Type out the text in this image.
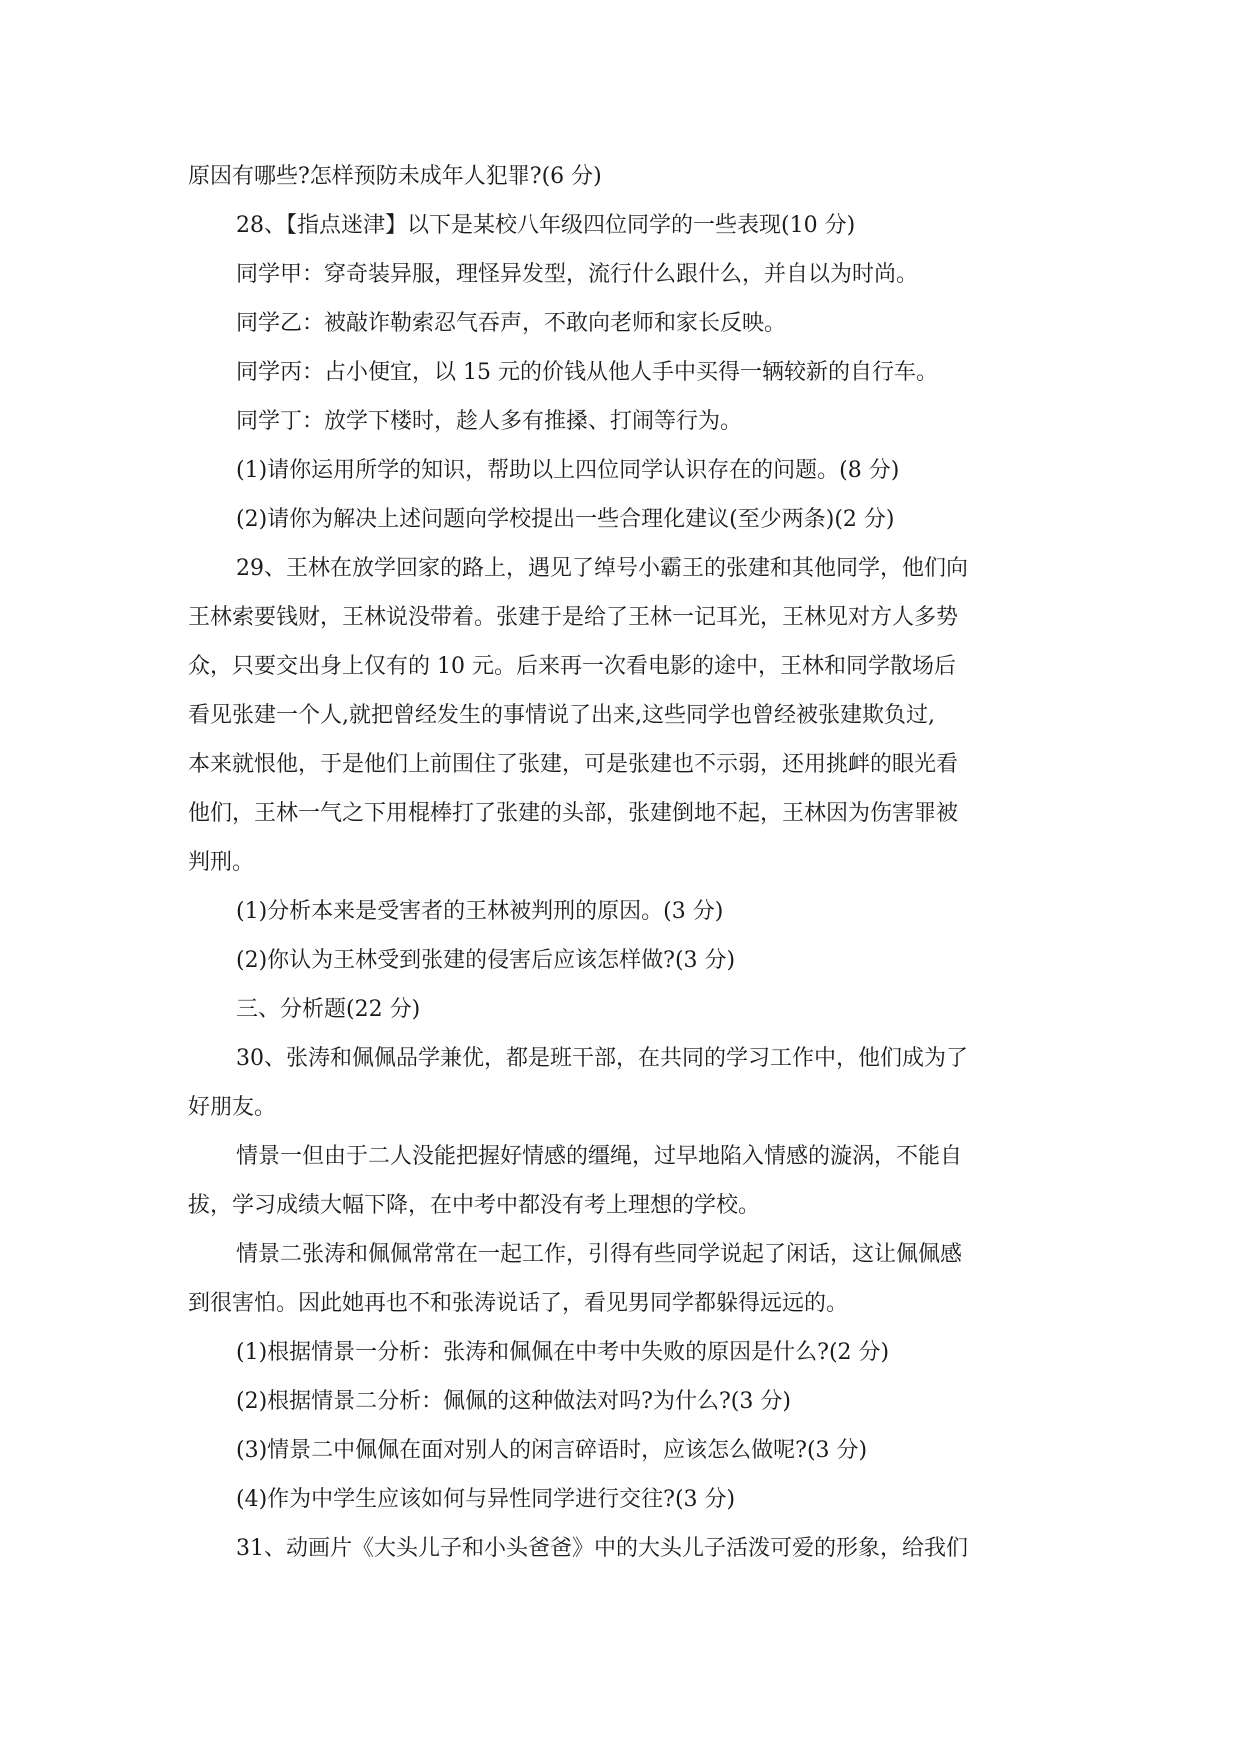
原因有哪些?怎样预防未成年人犯罪?(6 分)
28、【指点迷津】以下是某校八年级四位同学的一些表现(10 分)
同学甲：穿奇装异服，理怪异发型，流行什么跟什么，并自以为时尚。
同学乙：被敲诈勒索忍气吞声，不敢向老师和家长反映。
同学丙：占小便宜，以 15 元的价钱从他人手中买得一辆较新的自行车。
同学丁：放学下楼时，趁人多有推搡、打闹等行为。
(1)请你运用所学的知识，帮助以上四位同学认识存在的问题。(8 分)
(2)请你为解决上述问题向学校提出一些合理化建议(至少两条)(2 分)
29、王林在放学回家的路上，遇见了绰号小霸王的张建和其他同学，他们向
王林索要钱财，王林说没带着。张建于是给了王林一记耳光，王林见对方人多势
众，只要交出身上仅有的 10 元。后来再一次看电影的途中，王林和同学散场后
看见张建一个人,就把曾经发生的事情说了出来,这些同学也曾经被张建欺负过,
本来就恨他，于是他们上前围住了张建，可是张建也不示弱，还用挑衅的眼光看
他们，王林一气之下用棍棒打了张建的头部，张建倒地不起，王林因为伤害罪被
判刑。
(1)分析本来是受害者的王林被判刑的原因。(3 分)
(2)你认为王林受到张建的侵害后应该怎样做?(3 分)
三、分析题(22 分)
30、张涛和佩佩品学兼优，都是班干部，在共同的学习工作中，他们成为了
好朋友。
情景一但由于二人没能把握好情感的缰绳，过早地陷入情感的漩涡，不能自
拔，学习成绩大幅下降，在中考中都没有考上理想的学校。
情景二张涛和佩佩常常在一起工作，引得有些同学说起了闲话，这让佩佩感
到很害怕。因此她再也不和张涛说话了，看见男同学都躲得远远的。
(1)根据情景一分析：张涛和佩佩在中考中失败的原因是什么?(2 分)
(2)根据情景二分析：佩佩的这种做法对吗?为什么?(3 分)
(3)情景二中佩佩在面对别人的闲言碎语时，应该怎么做呢?(3 分)
(4)作为中学生应该如何与异性同学进行交往?(3 分)
31、动画片《大头儿子和小头爸爸》中的大头儿子活泼可爱的形象，给我们
